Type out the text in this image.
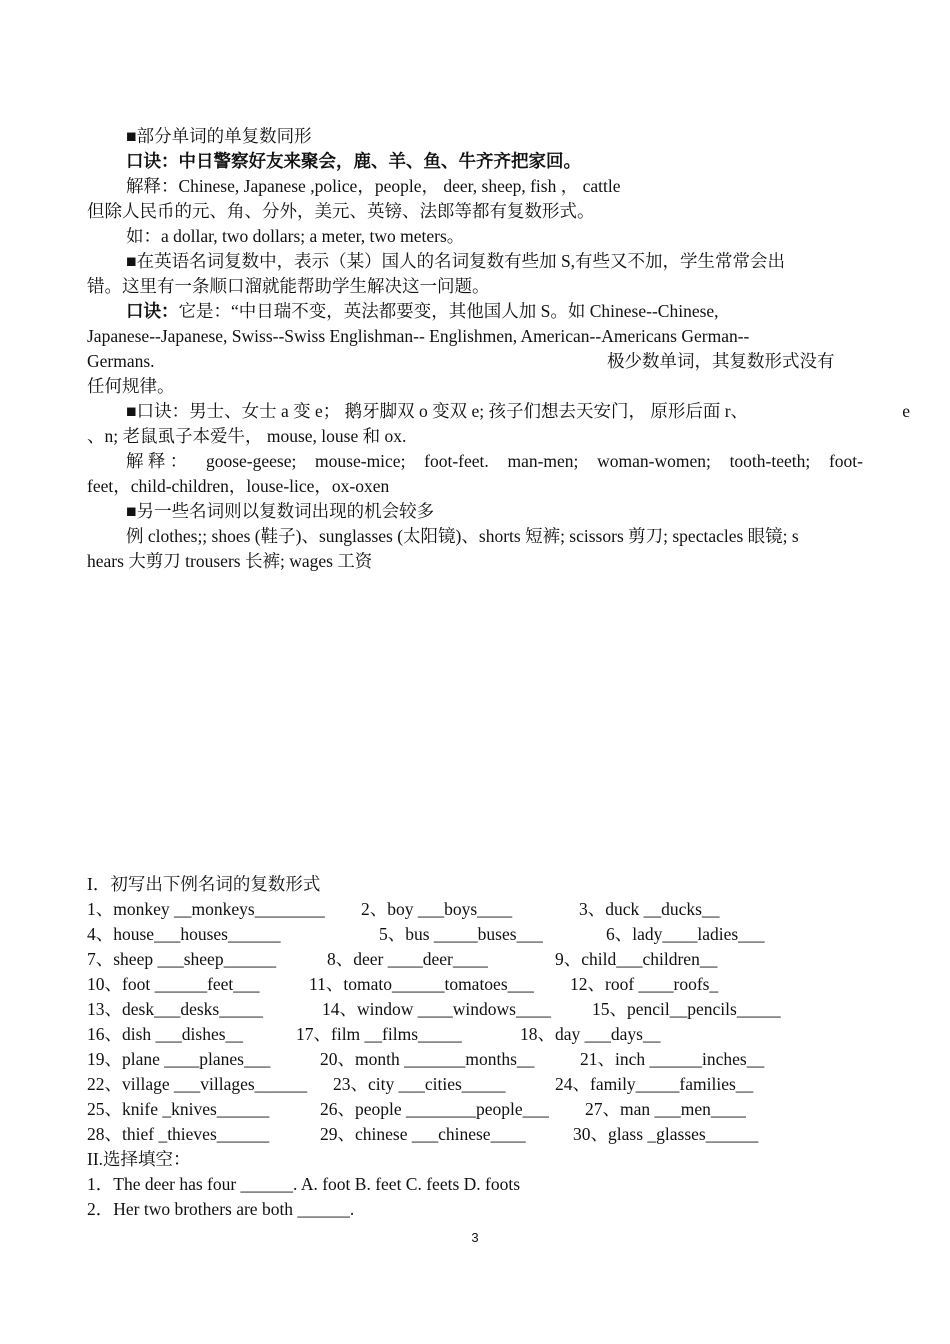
■部分单词的单复数同形
口诀：中日警察好友来聚会，鹿、羊、鱼、牛齐齐把家回。
解释：Chinese, Japanese ,police，people， deer, sheep, fish ， cattle
但除人民币的元、角、分外，美元、英镑、法郎等都有复数形式。
如：a dollar, two dollars; a meter, two meters。
■在英语名词复数中，表示（某）国人的名词复数有些加 S,有些又不加，学生常常会出
错。这里有一条顺口溜就能帮助学生解决这一问题。
口诀：它是：“中日瑞不变，英法都要变，其他国人加 S。如 Chinese--Chinese,
Japanese--Japanese, Swiss--Swiss Englishman-- Englishmen, American--Americans German--
Germans.	极少数单词，其复数形式没有
任何规律。
■口诀：男士、女士 a 变 e； 鹅牙脚双 o 变双 e; 孩子们想去天安门， 原形后面 r、	e
、n; 老鼠虱子本爱牛， mouse, louse 和 ox.
解 释 ： goose-geese; mouse-mice; foot-feet. man-men; woman-women; tooth-teeth; foot-
feet，child-children，louse-lice，ox-oxen
■另一些名词则以复数词出现的机会较多
例 clothes;; shoes (鞋子)、sunglasses (太阳镜)、shorts 短裤; scissors 剪刀; spectacles 眼镜; s
hears 大剪刀 trousers 长裤; wages 工资
I．初写出下例名词的复数形式
1、monkey __monkeys________ 2、boy ___boys____	3、duck __ducks__
4、house___houses______	5、bus _____buses___	6、lady____ladies___
7、sheep ___sheep______	8、deer ____deer____	9、child___children__
10、foot ______feet___	11、tomato______tomatoes___ 12、roof ____roofs_
13、desk___desks_____	14、window ____windows____ 15、pencil__pencils_____
16、dish ___dishes__	17、film __films_____	18、day ___days__
19、plane ____planes___	20、month _______months__	21、inch ______inches__
22、village ___villages______ 23、city ___cities_____	24、family_____families__
25、knife _knives______	26、people ________people___ 27、man ___men____
28、thief _thieves______	29、chinese ___chinese____	30、glass _glasses______
II.选择填空：
1．The deer has four ______. A. foot B. feet C. feets D. foots
2．Her two brothers are both ______.
3
